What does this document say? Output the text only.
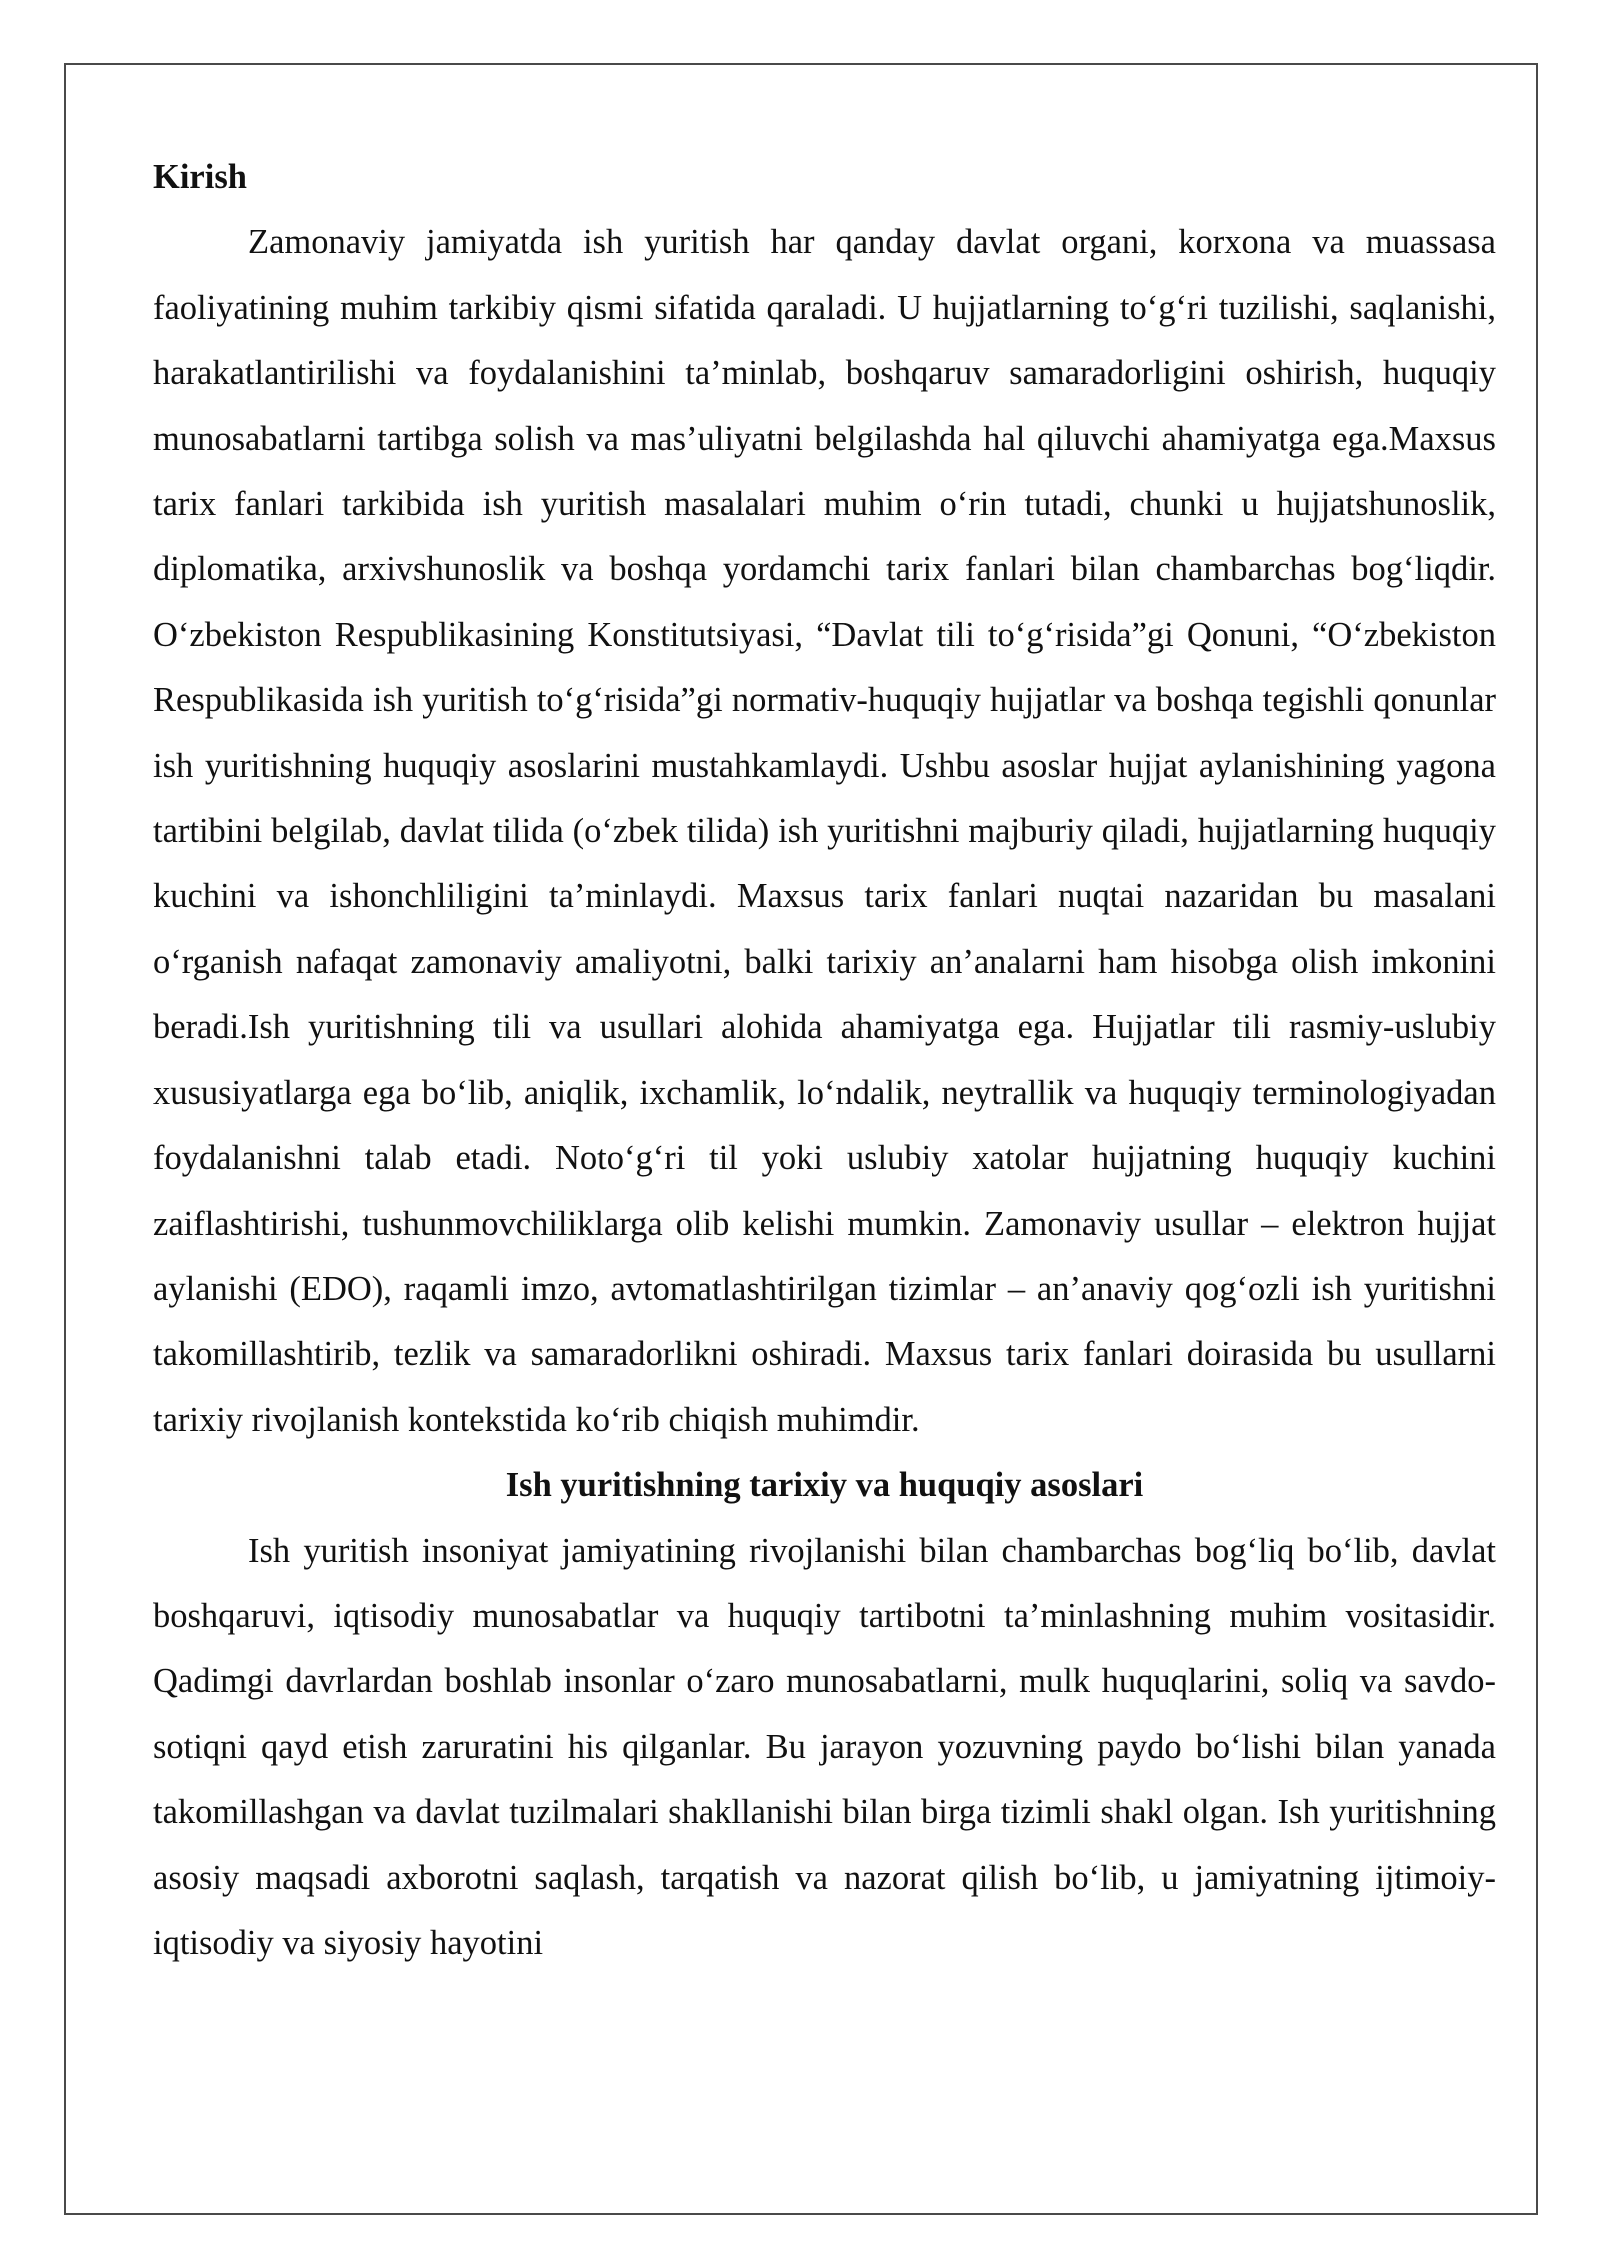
Kirish

Zamonaviy jamiyatda ish yuritish har qanday davlat organi, korxona va muassasa faoliyatining muhim tarkibiy qismi sifatida qaraladi. U hujjatlarning to‘g‘ri tuzilishi, saqlanishi, harakatlantirilishi va foydalanishini ta’minlab, boshqaruv samaradorligini oshirish, huquqiy munosabatlarni tartibga solish va mas’uliyatni belgilashda hal qiluvchi ahamiyatga ega.Maxsus tarix fanlari tarkibida ish yuritish masalalari muhim o‘rin tutadi, chunki u hujjatshunoslik, diplomatika, arxivshunoslik va boshqa yordamchi tarix fanlari bilan chambarchas bog‘liqdir. O‘zbekiston Respublikasining Konstitutsiyasi, “Davlat tili to‘g‘risida”gi Qonuni, “O‘zbekiston Respublikasida ish yuritish to‘g‘risida”gi normativ-huquqiy hujjatlar va boshqa tegishli qonunlar ish yuritishning huquqiy asoslarini mustahkamlaydi. Ushbu asoslar hujjat aylanishining yagona tartibini belgilab, davlat tilida (o‘zbek tilida) ish yuritishni majburiy qiladi, hujjatlarning huquqiy kuchini va ishonchliligini ta’minlaydi. Maxsus tarix fanlari nuqtai nazaridan bu masalani o‘rganish nafaqat zamonaviy amaliyotni, balki tarixiy an’analarni ham hisobga olish imkonini beradi.Ish yuritishning tili va usullari alohida ahamiyatga ega. Hujjatlar tili rasmiy-uslubiy xususiyatlarga ega bo‘lib, aniqlik, ixchamlik, lo‘ndalik, neytrallik va huquqiy terminologiyadan foydalanishni talab etadi. Noto‘g‘ri til yoki uslubiy xatolar hujjatning huquqiy kuchini zaiflashtirishi, tushunmovchiliklarga olib kelishi mumkin. Zamonaviy usullar – elektron hujjat aylanishi (EDO), raqamli imzo, avtomatlashtirilgan tizimlar – an’anaviy qog‘ozli ish yuritishni takomillashtirib, tezlik va samaradorlikni oshiradi. Maxsus tarix fanlari doirasida bu usullarni tarixiy rivojlanish kontekstida ko‘rib chiqish muhimdir.

Ish yuritishning tarixiy va huquqiy asoslari

Ish yuritish insoniyat jamiyatining rivojlanishi bilan chambarchas bog‘liq bo‘lib, davlat boshqaruvi, iqtisodiy munosabatlar va huquqiy tartibotni ta’minlashning muhim vositasidir. Qadimgi davrlardan boshlab insonlar o‘zaro munosabatlarni, mulk huquqlarini, soliq va savdo-sotiqni qayd etish zaruratini his qilganlar. Bu jarayon yozuvning paydo bo‘lishi bilan yanada takomillashgan va davlat tuzilmalari shakllanishi bilan birga tizimli shakl olgan. Ish yuritishning asosiy maqsadi axborotni saqlash, tarqatish va nazorat qilish bo‘lib, u jamiyatning ijtimoiy-iqtisodiy va siyosiy hayotini
